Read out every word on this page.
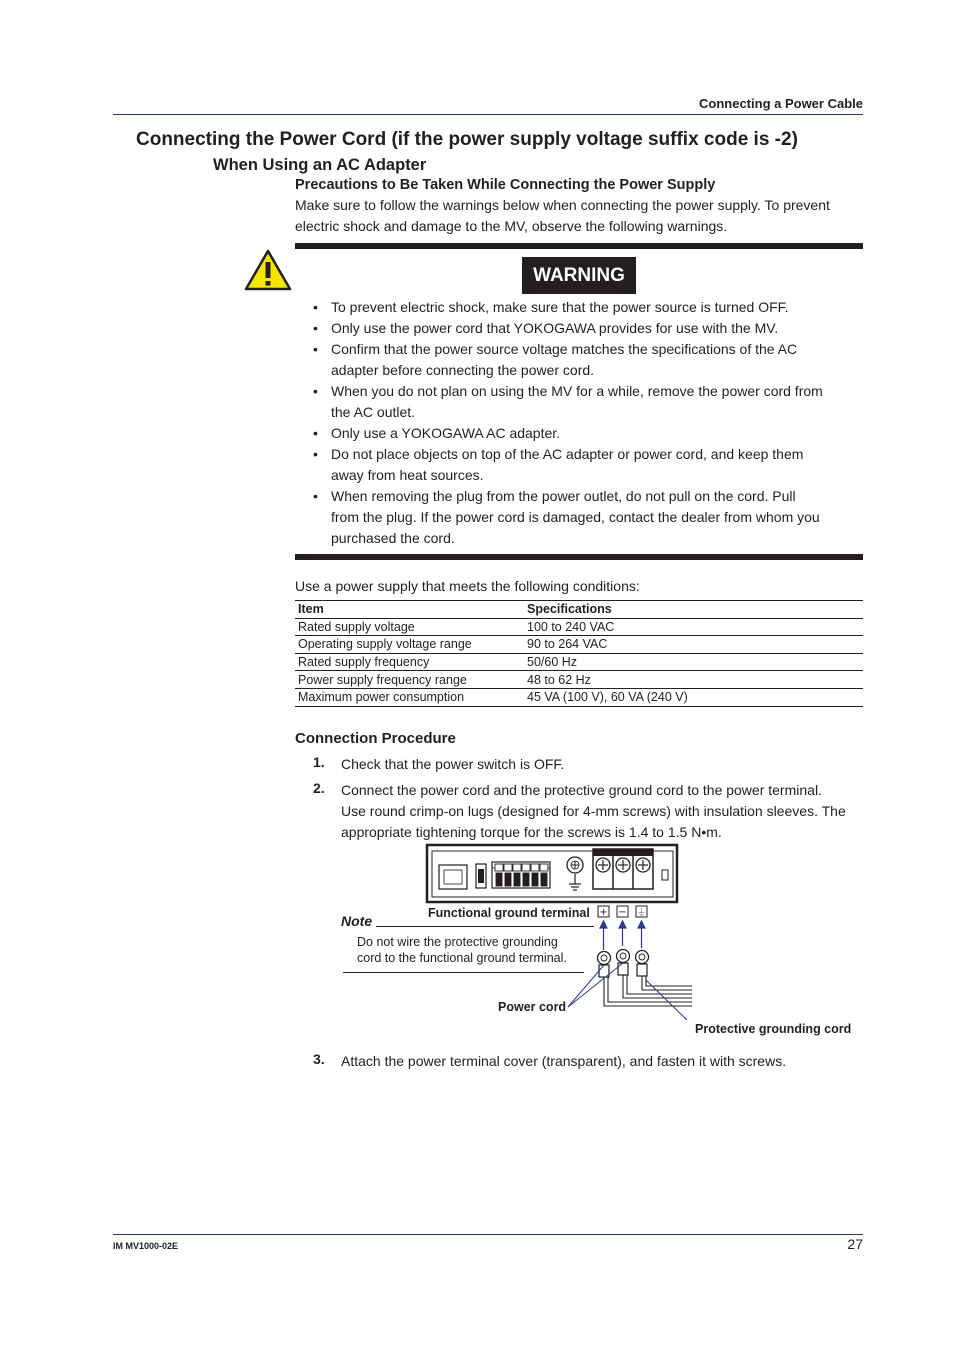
Connecting a Power Cable
Connecting the Power Cord (if the power supply voltage suffix code is -2)
When Using an AC Adapter
Precautions to Be Taken While Connecting the Power Supply
Make sure to follow the warnings below when connecting the power supply. To prevent
electric shock and damage to the MV, observe the following warnings.
WARNING
• To prevent electric shock, make sure that the power source is turned OFF.
• Only use the power cord that YOKOGAWA provides for use with the MV.
• Confirm that the power source voltage matches the specifications of the AC
adapter before connecting the power cord.
• When you do not plan on using the MV for a while, remove the power cord from
the AC outlet.
• Only use a YOKOGAWA AC adapter.
• Do not place objects on top of the AC adapter or power cord, and keep them
away from heat sources.
• When removing the plug from the power outlet, do not pull on the cord. Pull
from the plug. If the power cord is damaged, contact the dealer from whom you
purchased the cord.
Use a power supply that meets the following conditions:
Item	Specifications
Rated supply voltage	100 to 240 VAC
Operating supply voltage range	90 to 264 VAC
Rated supply frequency	50/60 Hz
Power supply frequency range	48 to 62 Hz
Maximum power consumption	45 VA (100 V), 60 VA (240 V)
Connection Procedure
1. Check that the power switch is OFF.
2. Connect the power cord and the protective ground cord to the power terminal.
Use round crimp-on lugs (designed for 4-mm screws) with insulation sleeves. The
appropriate tightening torque for the screws is 1.4 to 1.5 N•m.
+ − ⏚
Functional ground terminal
Note
Do not wire the protective grounding
cord to the functional ground terminal.
Power cord
Protective grounding cord
3. Attach the power terminal cover (transparent), and fasten it with screws.
IM MV1000-02E	27
